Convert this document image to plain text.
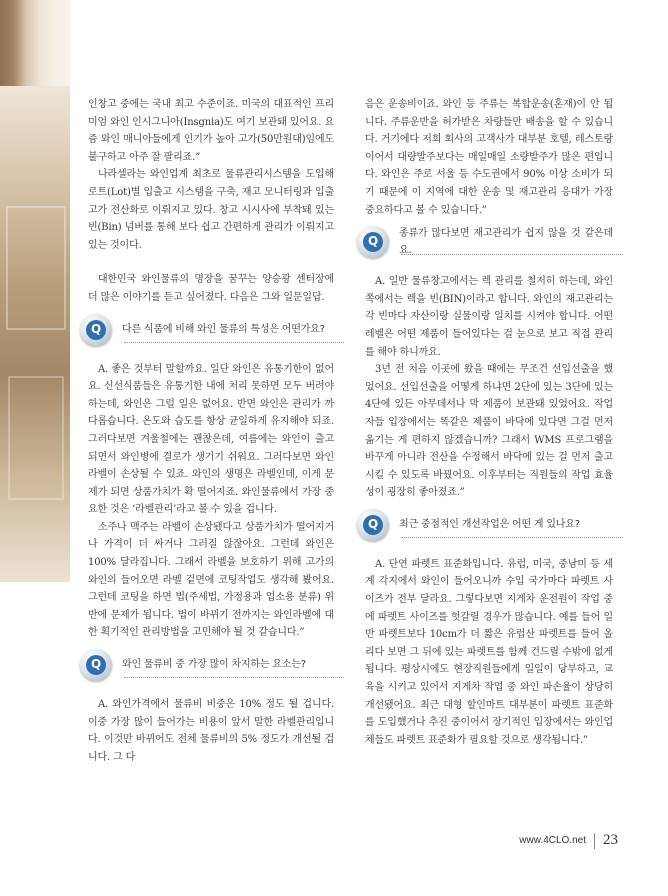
인창고 중에는 국내 최고 수준이죠. 미국의 대표적인 프리미엄 와인 인시그니아(Insgnia)도 여기 보관돼 있어요. 요즘 와인 매니아들에게 인기가 높아 고가(50만원대)임에도 불구하고 아주 잘 팔리죠.”

나라셀라는 와인업계 최초로 물류관리시스템을 도입해 로트(Lot)별 입출고 시스템을 구축, 재고 모니터링과 입출고가 전산화로 이뤄지고 있다. 창고 시시사에 부착돼 있는 빈(Bin) 넘버를 통해 보다 쉽고 간편하게 관리가 이뤄지고 있는 것이다.

대한민국 와인물류의 명장을 꿈꾸는 양승광 센터장에 더 많은 이야기를 듣고 싶어졌다. 다음은 그와 일문일답.

Q	다른 식품에 비해 와인 물류의 특성은 어떤가요?

A. 좋은 것부터 말할까요. 일단 와인은 유통기한이 없어요. 신선식품들은 유통기한 내에 처리 못하면 모두 버려야 하는데, 와인은 그럴 일은 없어요. 반면 와인은 관리가 까다롭습니다. 온도와 습도를 항상 균일하게 유지해야 되죠. 그러다보면 겨울철에는 괜찮은데, 여름에는 와인이 출고되면서 와인병에 결로가 생기기 쉬워요. 그러다보면 와인 라벨이 손상될 수 있죠. 와인의 생명은 라벨인데, 이게 문제가 되면 상품가치가 확 떨어지죠. 와인물류에서 가장 중요한 것은 ‘라벨관리’라고 볼 수 있을 겁니다.

소주나 맥주는 라벨이 손상됐다고 상품가치가 떨어지거나 가격이 더 싸거나 그러질 않잖아요. 그런데 와인은 100% 달라집니다. 그래서 라벨을 보호하기 위해 고가의 와인의 들어오면 라벨 겉면에 코팅작업도 생각해 봤어요. 그런데 코팅을 하면 법(주세법, 가정용과 업소용 분류) 위반에 문제가 됩니다. 법이 바뀌기 전까지는 와인라벨에 대한 획기적인 관리방법을 고민해야 될 것 같습니다.”

Q	와인 물류비 중 가장 많이 차지하는 요소는?

A. 와인가격에서 물류비 비중은 10% 정도 될 겁니다. 이중 가장 많이 들어가는 비용이 앞서 말한 라벨관리입니다. 이것만 바뀌어도 전체 물류비의 5% 정도가 개선될 겁니다. 그 다

음은 운송비이죠. 와인 등 주류는 복합운송(혼재)이 안 됩니다. 주류운반을 허가받은 차량들만 배송을 할 수 있습니다. 거기에다 저희 회사의 고객사가 대부분 호텔, 레스토랑이어서 대량발주보다는 매일매일 소량발주가 많은 편입니다. 와인은 주로 서울 등 수도권에서 90% 이상 소비가 되기 때문에 이 지역에 대한 운송 및 재고관리 응대가 가장 중요하다고 볼 수 있습니다.”

Q
종류가 많다보면 재고관리가 쉽지 않을 것 같은데요.

A. 일반 물류창고에서는 렉 관리를 철저히 하는데, 와인쪽에서는 렉을 빈(BIN)이라고 합니다. 와인의 재고관리는 각 빈마다 자산이랑 실물이랑 일치를 시켜야 합니다. 어떤 레벨은 어떤 제품이 들어있다는 걸 눈으로 보고 직접 관리를 해야 하니까요.

3년 전 처음 이곳에 왔을 때에는 무조건 선입선출을 했었어요. 선입선출을 어떻게 하냐면 2단에 있는 3단에 있는 4단에 있든 아무데서나 막 제품이 보관돼 있었어요. 작업자들 입장에서는 똑같은 제품이 바닥에 있다면 그걸 먼저 옮기는 게 편하지 않겠습니까? 그래서 WMS 프로그램을 바꾸게 아니라 전산을 수정해서 바닥에 있는 걸 먼저 출고시킬 수 있도록 바꿨어요. 이후부터는 직원들의 작업 효율성이 굉장히 좋아졌죠.”

Q	최근 중점적인 개선작업은 어떤 게 있나요?

A. 단연 파렛트 표준화입니다. 유럽, 미국, 중남미 등 세계 각지에서 와인이 들어오니까 수입 국가마다 파렛트 사이즈가 전부 달라요. 그렇다보면 지게차 운전원이 작업 중에 파렛트 사이즈를 헛갈릴 경우가 많습니다. 예를 들어 일반 파렛트보다 10cm가 더 짧은 유럽산 파렛트를 들어 올리다 보면 그 뒤에 있는 파렛트를 함께 건드릴 수밖에 없게 됩니다. 평상시에도 현장직원들에게 일일이 당부하고, 교육을 시키고 있어서 지게차 작업 중 와인 파손율이 상당히 개선됐어요. 최근 대형 할인마트 대부분이 파렛트 표준화를 도입했거나 추진 중이어서 장기적인 입장에서는 와인업체들도 파렛트 표준화가 필요할 것으로 생각됩니다.”

www.4CLO.net 23
